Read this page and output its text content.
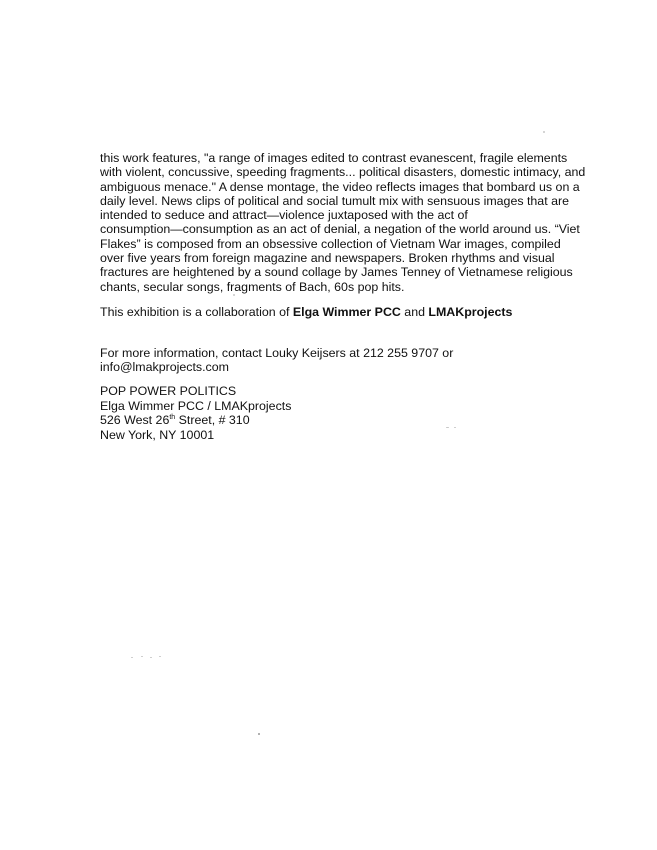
this work features, "a range of images edited to contrast evanescent, fragile elements
with violent, concussive, speeding fragments... political disasters, domestic intimacy, and
ambiguous menace." A dense montage, the video reflects images that bombard us on a
daily level. News clips of political and social tumult mix with sensuous images that are
intended to seduce and attract—violence juxtaposed with the act of
consumption—consumption as an act of denial, a negation of the world around us. “Viet
Flakes” is composed from an obsessive collection of Vietnam War images, compiled
over five years from foreign magazine and newspapers. Broken rhythms and visual
fractures are heightened by a sound collage by James Tenney of Vietnamese religious
chants, secular songs, fragments of Bach, 60s pop hits.

This exhibition is a collaboration of Elga Wimmer PCC and LMAKprojects

For more information, contact Louky Keijsers at 212 255 9707 or info@lmakprojects.com

POP POWER POLITICS
Elga Wimmer PCC / LMAKprojects
526 West 26th Street, # 310
New York, NY 10001
